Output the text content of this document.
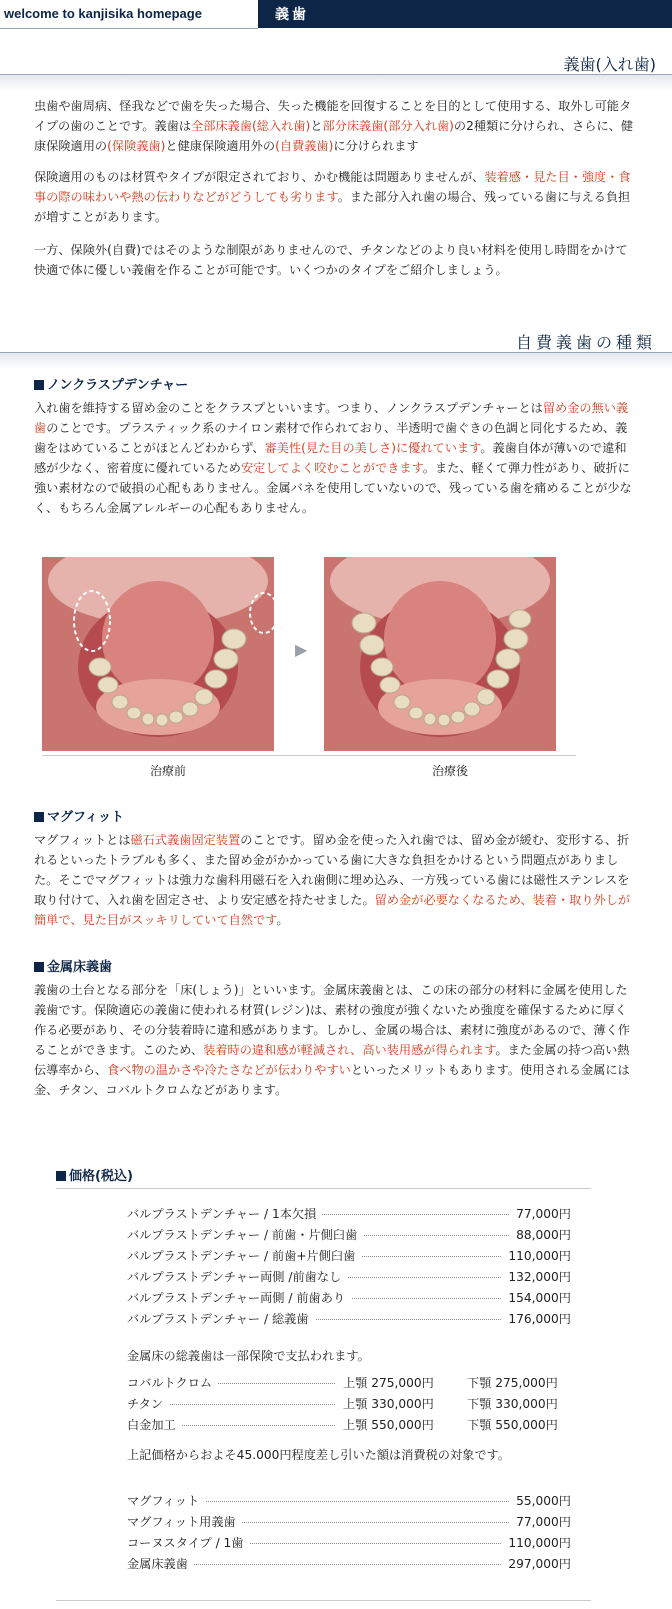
welcome to kanjisika homepage	義歯
義歯(入れ歯)

虫歯や歯周病、怪我などで歯を失った場合、失った機能を回復することを目的として使用する、取外し可能タイプの歯のことです。義歯は全部床義歯(総入れ歯)と部分床義歯(部分入れ歯)の2種類に分けられ、さらに、健康保険適用の(保険義歯)と健康保険適用外の(自費義歯)に分けられます

保険適用のものは材質やタイプが限定されており、かむ機能は問題ありませんが、装着感・見た目・強度・食事の際の味わいや熱の伝わりなどがどうしても劣ります。また部分入れ歯の場合、残っている歯に与える負担が増すことがあります。

一方、保険外(自費)ではそのような制限がありませんので、チタンなどのより良い材料を使用し時間をかけて快適で体に優しい義歯を作ることが可能です。いくつかのタイプをご紹介しましょう。

自費義歯の種類
ノンクラスプデンチャー

入れ歯を維持する留め金のことをクラスプといいます。つまり、ノンクラスプデンチャーとは留め金の無い義歯のことです。プラスティック系のナイロン素材で作られており、半透明で歯ぐきの色調と同化するため、義歯をはめていることがほとんどわからず、審美性(見た目の美しさ)に優れています。義歯自体が薄いので違和感が少なく、密着度に優れているため安定してよく咬むことができます。また、軽くて弾力性があり、破折に強い素材なので破損の心配もありません。金属バネを使用していないので、残っている歯を痛めることが少なく、もちろん金属アレルギーの心配もありません。

▶
治療前	治療後
マグフィット

マグフィットとは磁石式義歯固定装置のことです。留め金を使った入れ歯では、留め金が緩む、変形する、折れるといったトラブルも多く、また留め金がかかっている歯に大きな負担をかけるという問題点がありました。そこでマグフィットは強力な歯科用磁石を入れ歯側に埋め込み、一方残っている歯には磁性ステンレスを取り付けて、入れ歯を固定させ、より安定感を持たせました。留め金が必要なくなるため、装着・取り外しが簡単で、見た目がスッキリしていて自然です。

金属床義歯

義歯の土台となる部分を「床(しょう)」といいます。金属床義歯とは、この床の部分の材料に金属を使用した義歯です。保険適応の義歯に使われる材質(レジン)は、素材の強度が強くないため強度を確保するために厚く作る必要があり、その分装着時に違和感があります。しかし、金属の場合は、素材に強度があるので、薄く作ることができます。このため、装着時の違和感が軽減され、高い装用感が得られます。また金属の持つ高い熱伝導率から、食べ物の温かさや冷たさなどが伝わりやすいといったメリットもあります。使用される金属には金、チタン、コバルトクロムなどがあります。

価格(税込)
バルプラストデンチャー / 1本欠損	77,000円
バルプラストデンチャー / 前歯・片側臼歯	88,000円
バルプラストデンチャー / 前歯+片側臼歯	110,000円
バルプラストデンチャー両側 /前歯なし	132,000円
バルプラストデンチャー両側 / 前歯あり	154,000円
バルプラストデンチャー / 総義歯	176,000円
金属床の総義歯は一部保険で支払われます。
コバルトクロム	上顎 275,000円	下顎 275,000円
チタン	上顎 330,000円	下顎 330,000円
白金加工	上顎 550,000円	下顎 550,000円
上記価格からおよそ45.000円程度差し引いた額は消費税の対象です。
マグフィット	55,000円
マグフィット用義歯	77,000円
コーヌスタイプ / 1歯	110,000円
金属床義歯	297,000円
